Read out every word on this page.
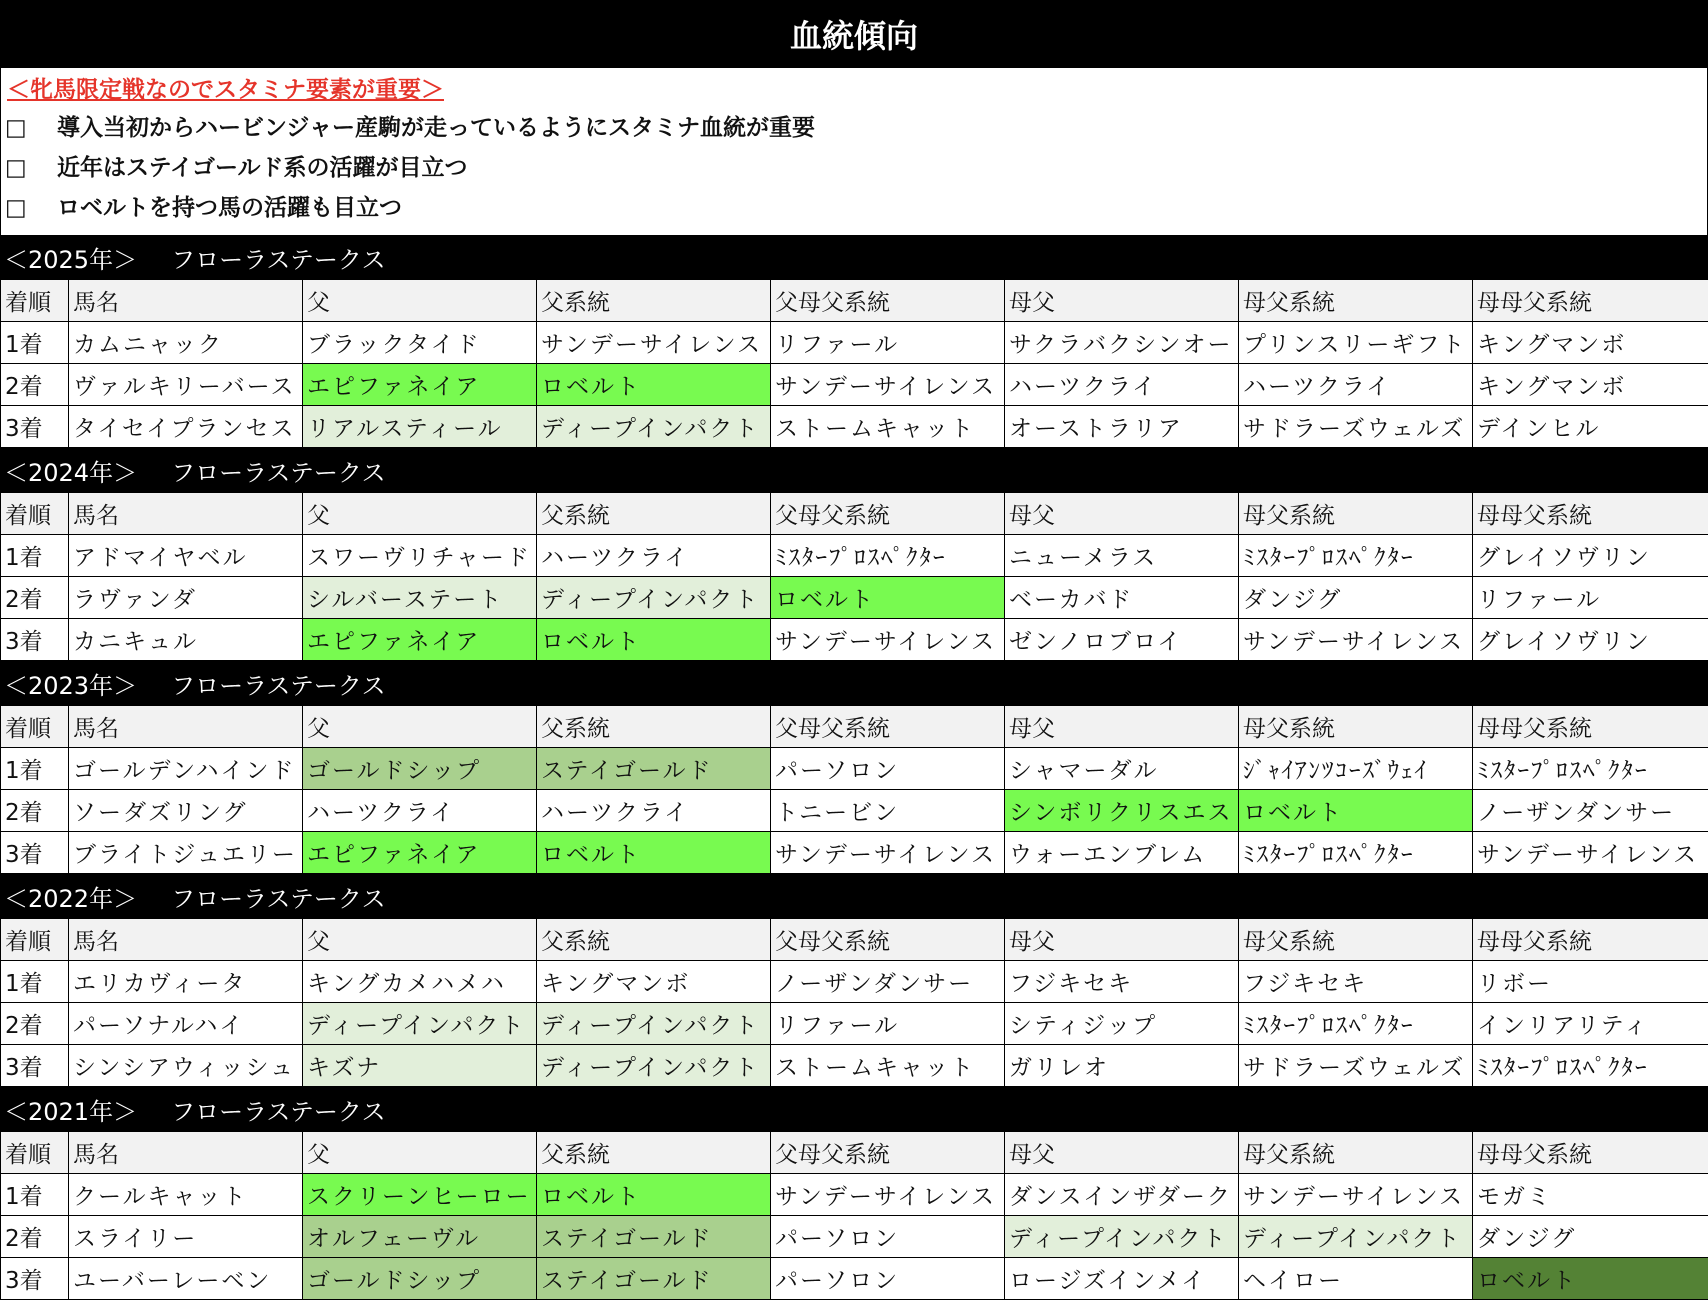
血統傾向
＜牝馬限定戦なのでスタミナ要素が重要＞
□	導入当初からハービンジャー産駒が走っているようにスタミナ血統が重要
□	近年はステイゴールド系の活躍が目立つ
□	ロベルトを持つ馬の活躍も目立つ
＜2025年＞ フローラステークス
着順	馬名	父	父系統	父母父系統	母父	母父系統	母母父系統
1着	カムニャック	ブラックタイド	サンデーサイレンス	リファール	サクラバクシンオー	プリンスリーギフト	キングマンボ
2着	ヴァルキリーバース	エピファネイア	ロベルト	サンデーサイレンス	ハーツクライ	ハーツクライ	キングマンボ
3着	タイセイプランセス	リアルスティール	ディープインパクト	ストームキャット	オーストラリア	サドラーズウェルズ	デインヒル
＜2024年＞ フローラステークス
着順	馬名	父	父系統	父母父系統	母父	母父系統	母母父系統
1着	アドマイヤベル	スワーヴリチャード	ハーツクライ	ﾐｽﾀｰﾌﾟﾛｽﾍﾟｸﾀｰ	ニューメラス	ﾐｽﾀｰﾌﾟﾛｽﾍﾟｸﾀｰ	グレイソヴリン
2着	ラヴァンダ	シルバーステート	ディープインパクト	ロベルト	ベーカバド	ダンジグ	リファール
3着	カニキュル	エピファネイア	ロベルト	サンデーサイレンス	ゼンノロブロイ	サンデーサイレンス	グレイソヴリン
＜2023年＞ フローラステークス
着順	馬名	父	父系統	父母父系統	母父	母父系統	母母父系統
1着	ゴールデンハインド	ゴールドシップ	ステイゴールド	パーソロン	シャマーダル	ｼﾞｬｲｱﾝﾂｺｰｽﾞｳｪｲ	ﾐｽﾀｰﾌﾟﾛｽﾍﾟｸﾀｰ
2着	ソーダズリング	ハーツクライ	ハーツクライ	トニービン	シンボリクリスエス	ロベルト	ノーザンダンサー
3着	ブライトジュエリー	エピファネイア	ロベルト	サンデーサイレンス	ウォーエンブレム	ﾐｽﾀｰﾌﾟﾛｽﾍﾟｸﾀｰ	サンデーサイレンス
＜2022年＞ フローラステークス
着順	馬名	父	父系統	父母父系統	母父	母父系統	母母父系統
1着	エリカヴィータ	キングカメハメハ	キングマンボ	ノーザンダンサー	フジキセキ	フジキセキ	リボー
2着	パーソナルハイ	ディープインパクト	ディープインパクト	リファール	シティジップ	ﾐｽﾀｰﾌﾟﾛｽﾍﾟｸﾀｰ	インリアリティ
3着	シンシアウィッシュ	キズナ	ディープインパクト	ストームキャット	ガリレオ	サドラーズウェルズ	ﾐｽﾀｰﾌﾟﾛｽﾍﾟｸﾀｰ
＜2021年＞ フローラステークス
着順	馬名	父	父系統	父母父系統	母父	母父系統	母母父系統
1着	クールキャット	スクリーンヒーロー	ロベルト	サンデーサイレンス	ダンスインザダーク	サンデーサイレンス	モガミ
2着	スライリー	オルフェーヴル	ステイゴールド	パーソロン	ディープインパクト	ディープインパクト	ダンジグ
3着	ユーバーレーベン	ゴールドシップ	ステイゴールド	パーソロン	ロージズインメイ	ヘイロー	ロベルト
